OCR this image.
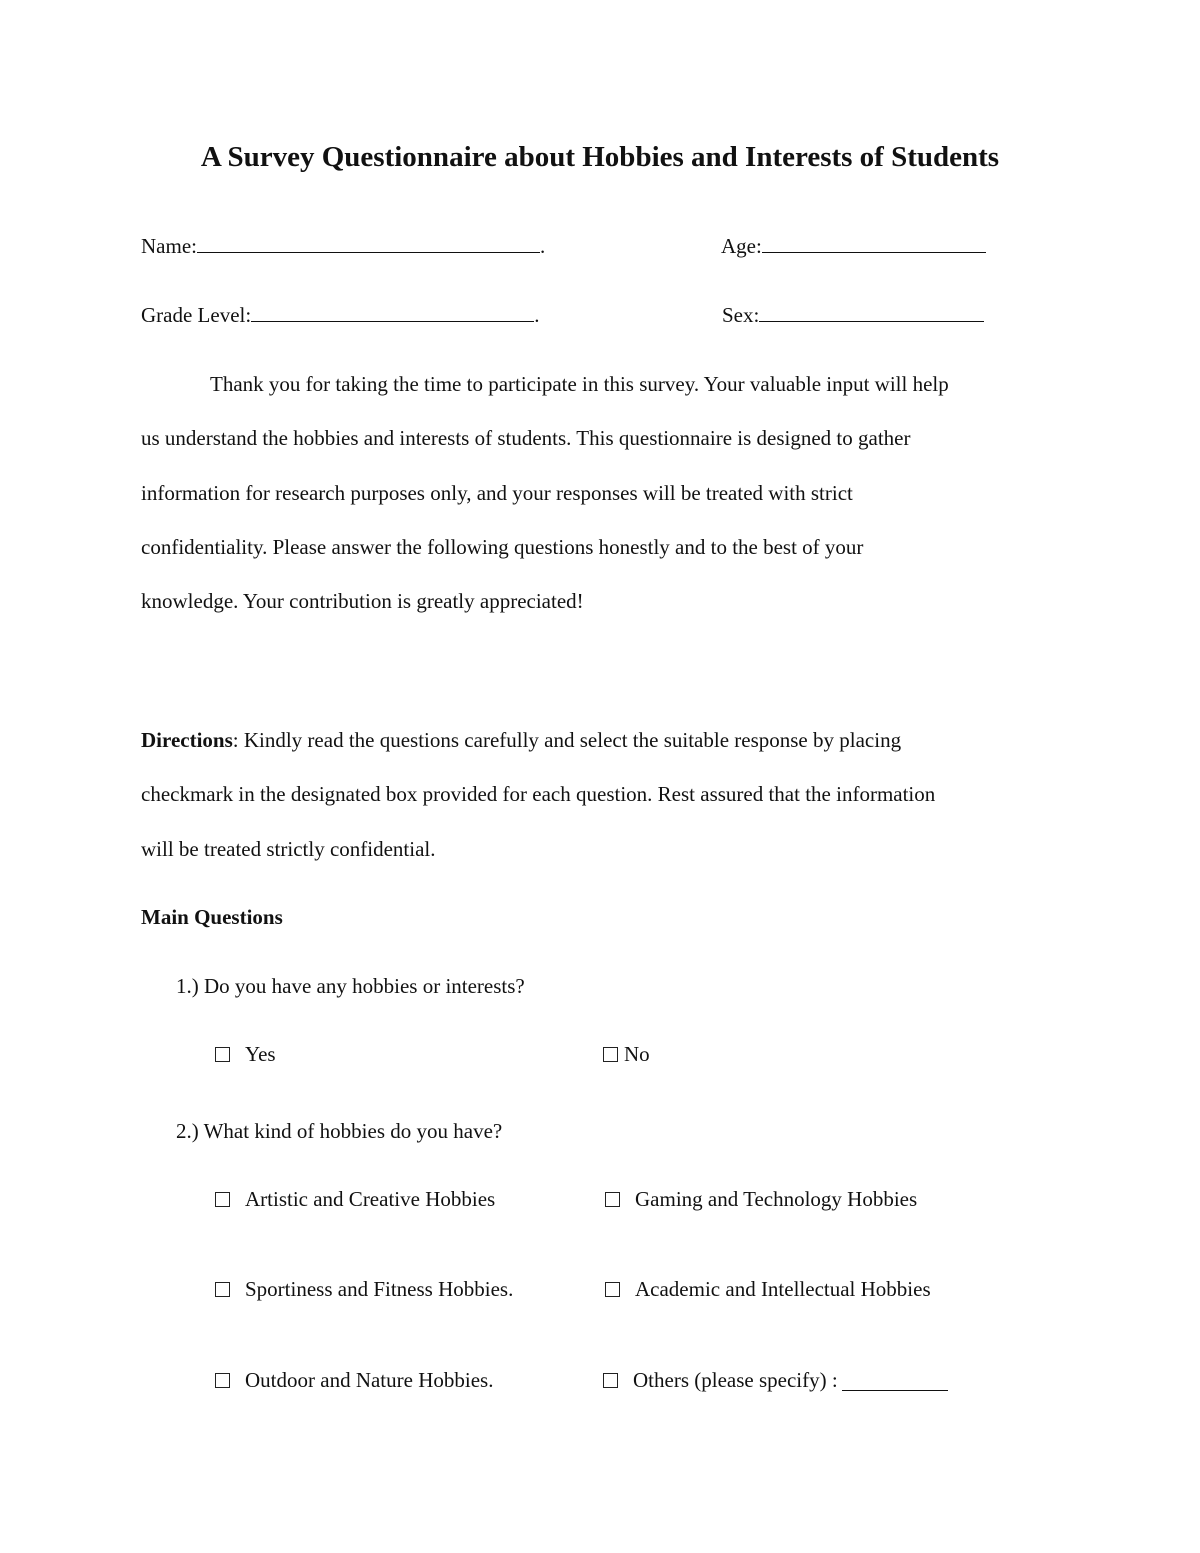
A Survey Questionnaire about Hobbies and Interests of Students
Name:	.	Age:
Grade Level:	.	Sex:
Thank you for taking the time to participate in this survey. Your valuable input will help
us understand the hobbies and interests of students. This questionnaire is designed to gather
information for research purposes only, and your responses will be treated with strict
confidentiality. Please answer the following questions honestly and to the best of your
knowledge. Your contribution is greatly appreciated!
Directions: Kindly read the questions carefully and select the suitable response by placing
checkmark in the designated box provided for each question. Rest assured that the information
will be treated strictly confidential.
Main Questions

1.) Do you have any hobbies or interests?

Yes	No

2.) What kind of hobbies do you have?

Artistic and Creative Hobbies	Gaming and Technology Hobbies
Sportiness and Fitness Hobbies.	Academic and Intellectual Hobbies
Outdoor and Nature Hobbies.	Others (please specify) :
